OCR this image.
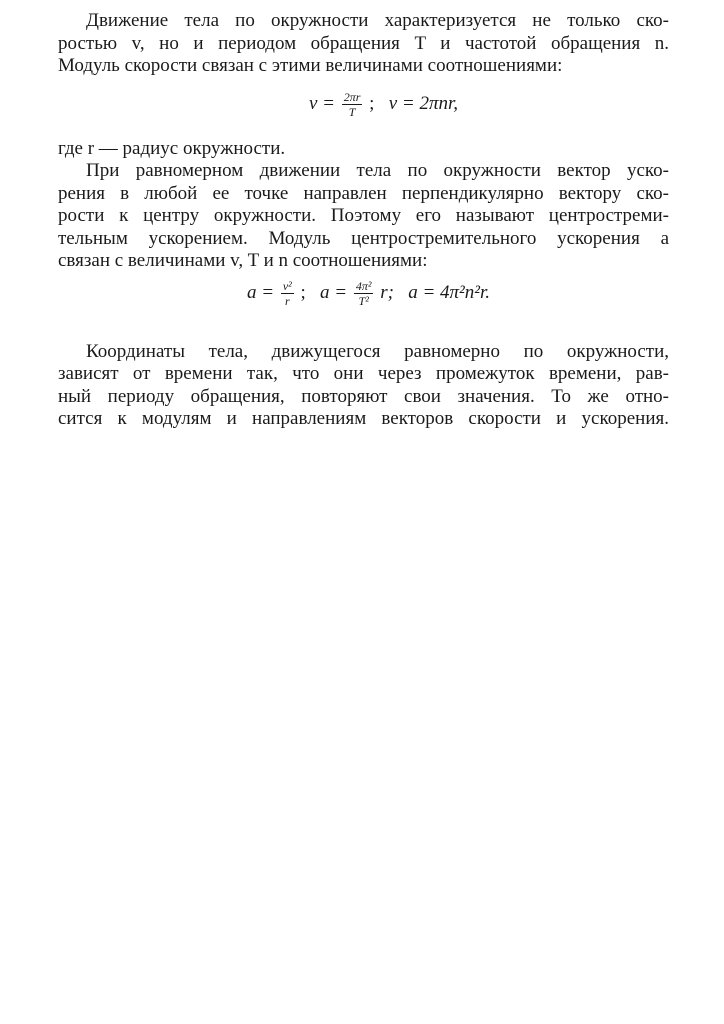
Движение тела по окружности характеризуется не только ско-
ростью v, но и периодом обращения T и частотой обращения n.
Модуль скорости связан с этими величинами соотношениями:
$v = \frac{2\pi r}{T}$ ; v = 2πnr,
где r — радиус окружности.
При равномерном движении тела по окружности вектор уско-
рения в любой ее точке направлен перпендикулярно вектору ско-
рости к центру окружности. Поэтому его называют центростреми-
тельным ускорением. Модуль центростремительного ускорения a
связан с величинами v, T и n соотношениями:
$a = \frac{\text{v²}}{r}$ ; $a = \frac{\text{4π²}}{\text{T²}} r$; a = 4π²n²r.
Координаты тела, движущегося равномерно по окружности,
зависят от времени так, что они через промежуток времени, рав-
ный периоду обращения, повторяют свои значения. То же отно-
сится к модулям и направлениям векторов скорости и ускорения.
